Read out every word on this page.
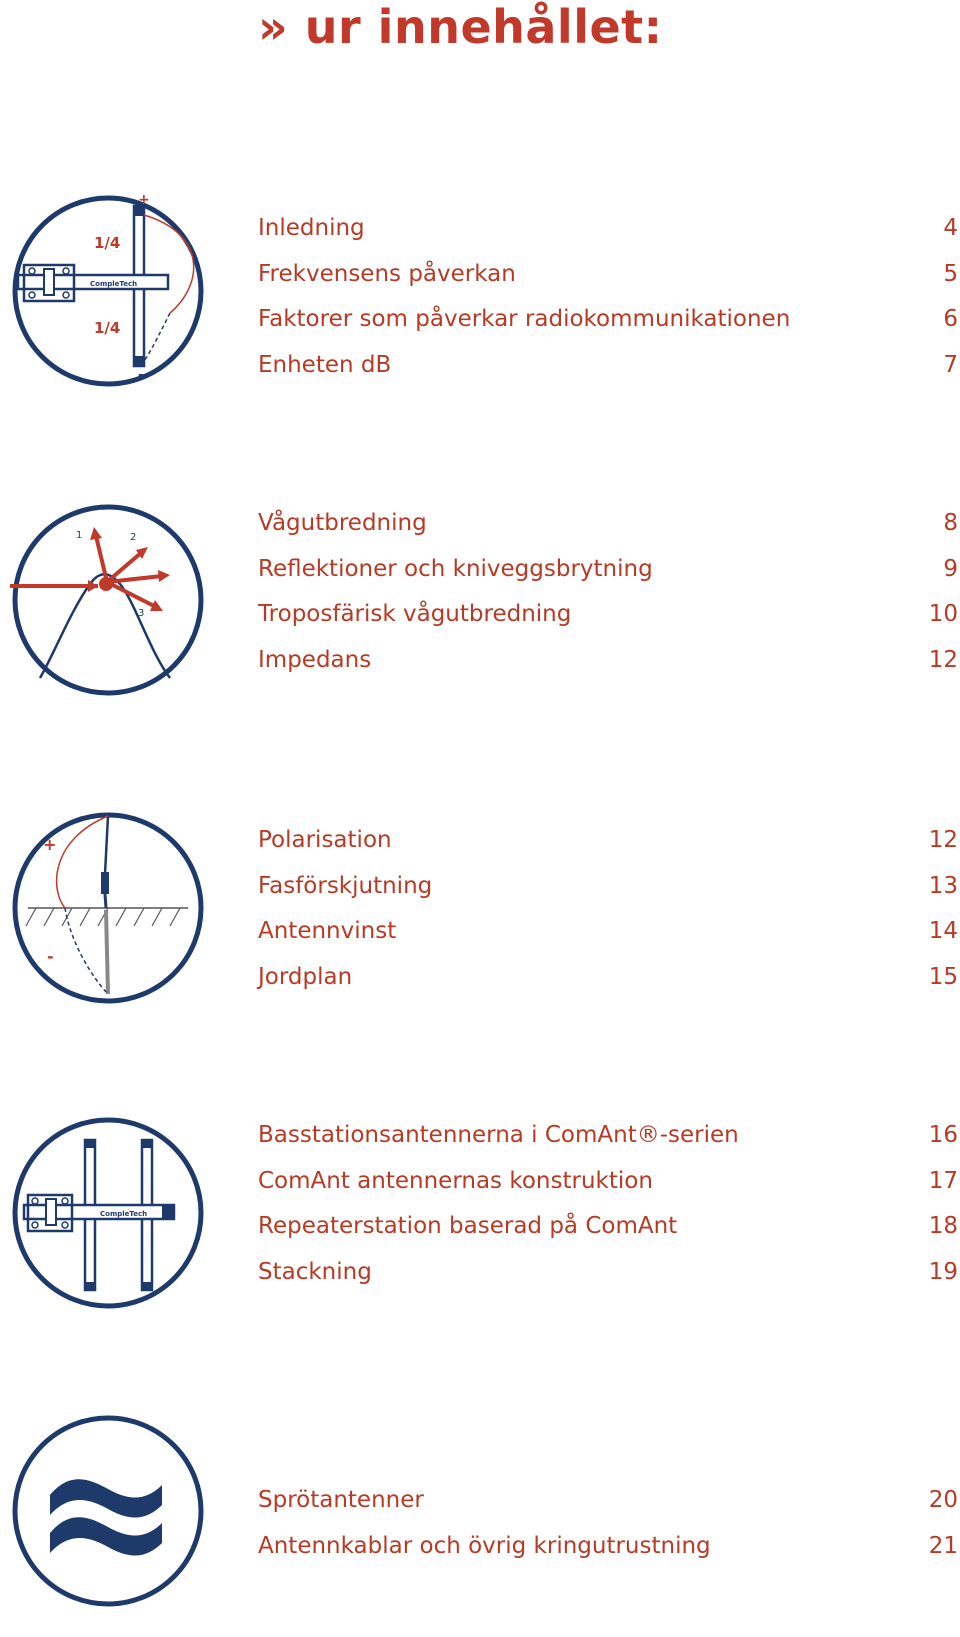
» ur innehållet:
1/4
1/4
CompleTech
+
-
1	2
3
+
-
CompleTech
Inledning	4
Frekvensens påverkan	5
Faktorer som påverkar radiokommunikationen	6
Enheten dB	7
Vågutbredning	8
Reflektioner och kniveggsbrytning	9
Troposfärisk vågutbredning	10
Impedans	12
Polarisation	12
Fasförskjutning	13
Antennvinst	14
Jordplan	15
Basstationsantennerna i ComAnt®-serien	16
ComAnt antennernas konstruktion	17
Repeaterstation baserad på ComAnt	18
Stackning	19
Sprötantenner	20
Antennkablar och övrig kringutrustning	21
